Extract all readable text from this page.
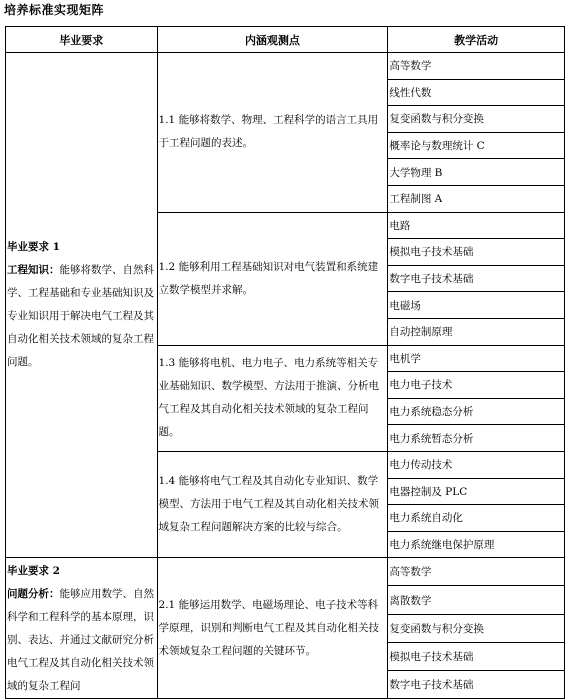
培养标准实现矩阵
毕业要求	内涵观测点	教学活动
毕业要求 1
工程知识：能够将数学、自然科学、工程基础和专业基础知识及专业知识用于解决电气工程及其自动化相关技术领域的复杂工程问题。	1.1 能够将数学、物理、工程科学的语言工具用于工程问题的表述。	高等数学
		线性代数
		复变函数与积分变换
		概率论与数理统计 C
		大学物理 B
		工程制图 A
	1.2 能够利用工程基础知识对电气装置和系统建立数学模型并求解。	电路
		模拟电子技术基础
		数字电子技术基础
		电磁场
		自动控制原理
	1.3 能够将电机、电力电子、电力系统等相关专业基础知识、数学模型、方法用于推演、分析电气工程及其自动化相关技术领域的复杂工程问题。	电机学
		电力电子技术
		电力系统稳态分析
		电力系统暂态分析
	1.4 能够将电气工程及其自动化专业知识、数学模型、方法用于电气工程及其自动化相关技术领域复杂工程问题解决方案的比较与综合。	电力传动技术
		电器控制及 PLC
		电力系统自动化
		电力系统继电保护原理
毕业要求 2
问题分析：能够应用数学、自然科学和工程科学的基本原理，识别、表达、并通过文献研究分析电气工程及其自动化相关技术领域的复杂工程问	2.1 能够运用数学、电磁场理论、电子技术等科学原理，识别和判断电气工程及其自动化相关技术领域复杂工程问题的关键环节。	高等数学
		离散数学
		复变函数与积分变换
		模拟电子技术基础
		数字电子技术基础
